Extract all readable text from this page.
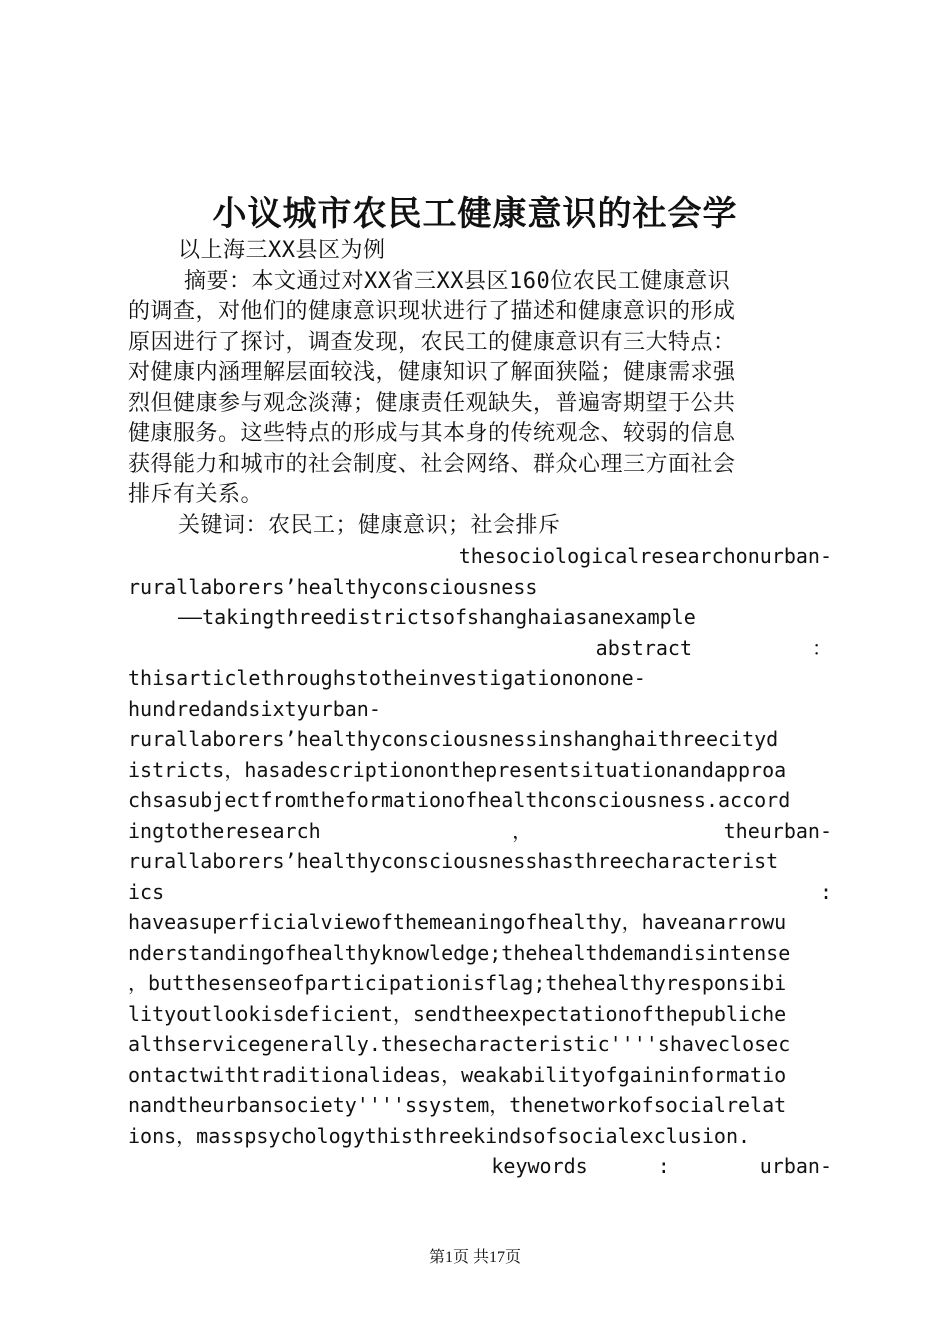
小议城市农民工健康意识的社会学
以上海三XX县区为例
摘要：本文通过对XX省三XX县区160位农民工健康意识
的调查，对他们的健康意识现状进行了描述和健康意识的形成
原因进行了探讨，调查发现，农民工的健康意识有三大特点：
对健康内涵理解层面较浅，健康知识了解面狭隘；健康需求强
烈但健康参与观念淡薄；健康责任观缺失，普遍寄期望于公共
健康服务。这些特点的形成与其本身的传统观念、较弱的信息
获得能力和城市的社会制度、社会网络、群众心理三方面社会
排斥有关系。
关键词：农民工；健康意识；社会排斥
thesociologicalresearchonurban-
rurallaborers’healthyconsciousness
——takingthreedistrictsofshanghaiasanexample
abstract	：
thisarticlethroughstotheinvestigationonone-
hundredandsixtyurban-
rurallaborers’healthyconsciousnessinshanghaithreecityd
istricts，hasadescriptiononthepresentsituationandapproa
chsasubjectfromtheformationofhealthconsciousness.accord
ingtotheresearch	，	theurban-
rurallaborers’healthyconsciousnesshasthreecharacterist
ics	:
haveasuperficialviewofthemeaningofhealthy，haveanarrowu
nderstandingofhealthyknowledge;thehealthdemandisintense
，butthesenseofparticipationisflag;thehealthyresponsibi
lityoutlookisdeficient，sendtheexpectationofthepubliche
althservicegenerally.thesecharacteristic''''shaveclosec
ontactwithtraditionalideas，weakabilityofgaininformatio
nandtheurbansociety''''ssystem，thenetworkofsocialrelat
ions，masspsychologythisthreekindsofsocialexclusion.
keywords	:	urban-
第1页 共17页
